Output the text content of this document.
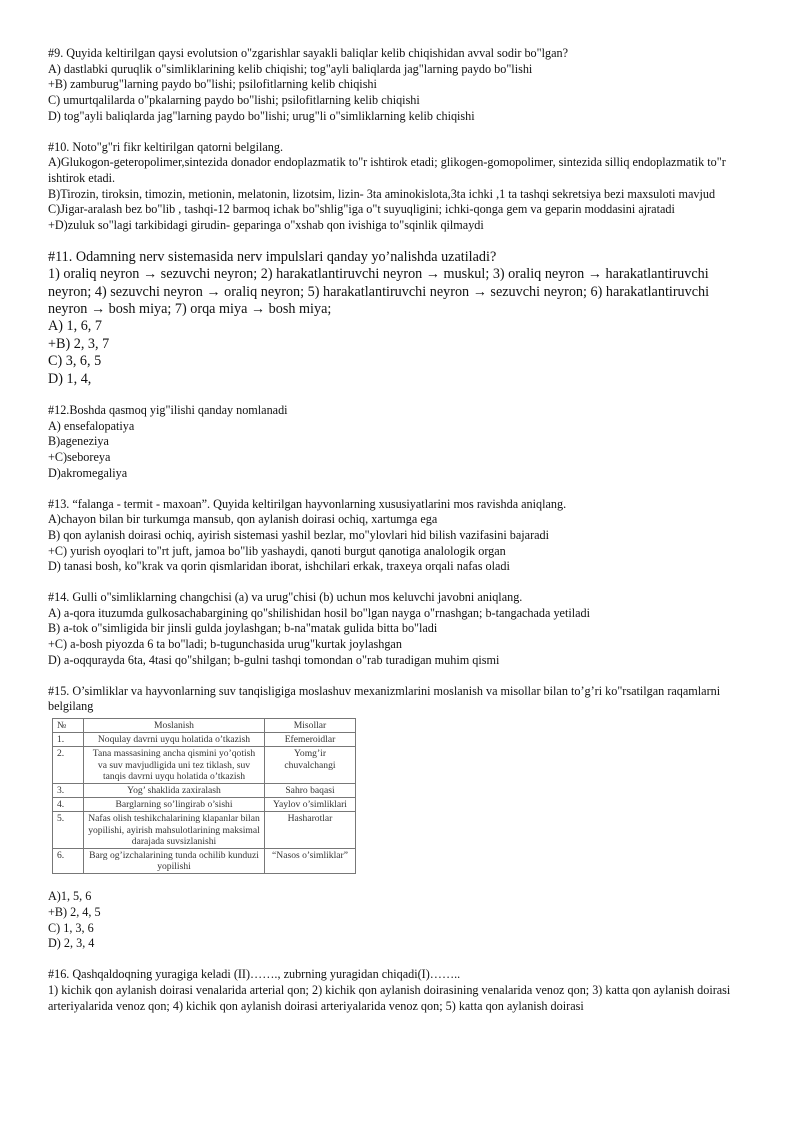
#9. Quyida keltirilgan qaysi evolutsion o"zgarishlar sayakli baliqlar kelib chiqishidan avval sodir bo"lgan?

A) dastlabki quruqlik o"simliklarining kelib chiqishi; tog"ayli baliqlarda jag"larning paydo bo"lishi

+B) zamburug"larning paydo bo"lishi; psilofitlarning kelib chiqishi

C) umurtqalilarda o"pkalarning paydo bo"lishi; psilofitlarning kelib chiqishi

D) tog"ayli baliqlarda jag"larning paydo bo"lishi; urug"li o"simliklarning kelib chiqishi

#10. Noto"g"ri fikr keltirilgan qatorni belgilang.

A)Glukogon-geteropolimer,sintezida donador endoplazmatik to"r ishtirok etadi; glikogen-gomopolimer, sintezida silliq endoplazmatik to"r ishtirok etadi.

B)Tirozin, tiroksin, timozin, metionin, melatonin, lizotsim, lizin- 3ta aminokislota,3ta ichki ,1 ta tashqi sekretsiya bezi maxsuloti mavjud

C)Jigar-aralash bez bo"lib , tashqi-12 barmoq ichak bo"shlig"iga o"t suyuqligini; ichki-qonga gem va geparin moddasini ajratadi

+D)zuluk so"lagi tarkibidagi girudin- geparinga o"xshab qon ivishiga to"sqinlik qilmaydi

#11. Odamning nerv sistemasida nerv impulslari qanday yo’nalishda uzatiladi?

1) oraliq neyron → sezuvchi neyron; 2) harakatlantiruvchi neyron → muskul; 3) oraliq neyron → harakatlantiruvchi neyron; 4) sezuvchi neyron → oraliq neyron; 5) harakatlantiruvchi neyron → sezuvchi neyron; 6) harakatlantiruvchi neyron → bosh miya; 7) orqa miya → bosh miya;

A) 1, 6, 7

+B) 2, 3, 7

C) 3, 6, 5

D) 1, 4,

#12.Boshda qasmoq yig"ilishi qanday nomlanadi

A) ensefalopatiya

B)ageneziya

+C)seboreya

D)akromegaliya

#13. “falanga - termit - maxoan”. Quyida keltirilgan hayvonlarning xususiyatlarini mos ravishda aniqlang.

A)chayon bilan bir turkumga mansub, qon aylanish doirasi ochiq, xartumga ega

B) qon aylanish doirasi ochiq, ayirish sistemasi yashil bezlar, mo"ylovlari hid bilish vazifasini bajaradi

+C) yurish oyoqlari to"rt juft, jamoa bo"lib yashaydi, qanoti burgut qanotiga analologik organ

D) tanasi bosh, ko"krak va qorin qismlaridan iborat, ishchilari erkak, traxeya orqali nafas oladi

#14. Gulli o"simliklarning changchisi (a) va urug"chisi (b) uchun mos keluvchi javobni aniqlang.

A) a-qora ituzumda gulkosachabargining qo"shilishidan hosil bo"lgan nayga o"rnashgan; b-tangachada yetiladi

B) a-tok o"simligida bir jinsli gulda joylashgan; b-na"matak gulida bitta bo"ladi

+C) a-bosh piyozda 6 ta bo"ladi; b-tugunchasida urug"kurtak joylashgan

D) a-oqqurayda 6ta, 4tasi qo"shilgan; b-gulni tashqi tomondan o"rab turadigan muhim qismi

#15. O’simliklar va hayvonlarning suv tanqisligiga moslashuv mexanizmlarini moslanish va misollar bilan to’g’ri ko"rsatilgan raqamlarni belgilang

№	Moslanish	Misollar
1.	Noqulay davrni uyqu holatida o’tkazish	Efemeroidlar
2.	Tana massasining anchа qismini yo’qotish va suv mavjudligida uni tez tiklash, suv tanqis davrni uyqu holatida o’tkazish	Yomg’ir chuvalchangi
3.	Yog’ shaklida zaxiralash	Sahro baqasi
4.	Barglarning so’lingirab o’sishi	Yaylov o’simliklari
5.	Nafas olish teshikchalarining klapanlar bilan yopilishi, ayirish mahsulotlarining maksimal darajada suvsizlanishi	Hasharotlar
6.	Barg og’izchalarining tunda ochilib kunduzi yopilishi	“Nasos o’simliklar”

A)1, 5, 6

+B) 2, 4, 5

C) 1, 3, 6

D) 2, 3, 4

#16. Qashqaldoqning yuragiga keladi (II)……., zubrning yuragidan chiqadi(I)……..

1) kichik qon aylanish doirasi venalarida arterial qon; 2) kichik qon aylanish doirasining venalarida venoz qon; 3) katta qon aylanish doirasi arteriyalarida venoz qon; 4) kichik qon aylanish doirasi arteriyalarida venoz qon; 5) katta qon aylanish doirasi
